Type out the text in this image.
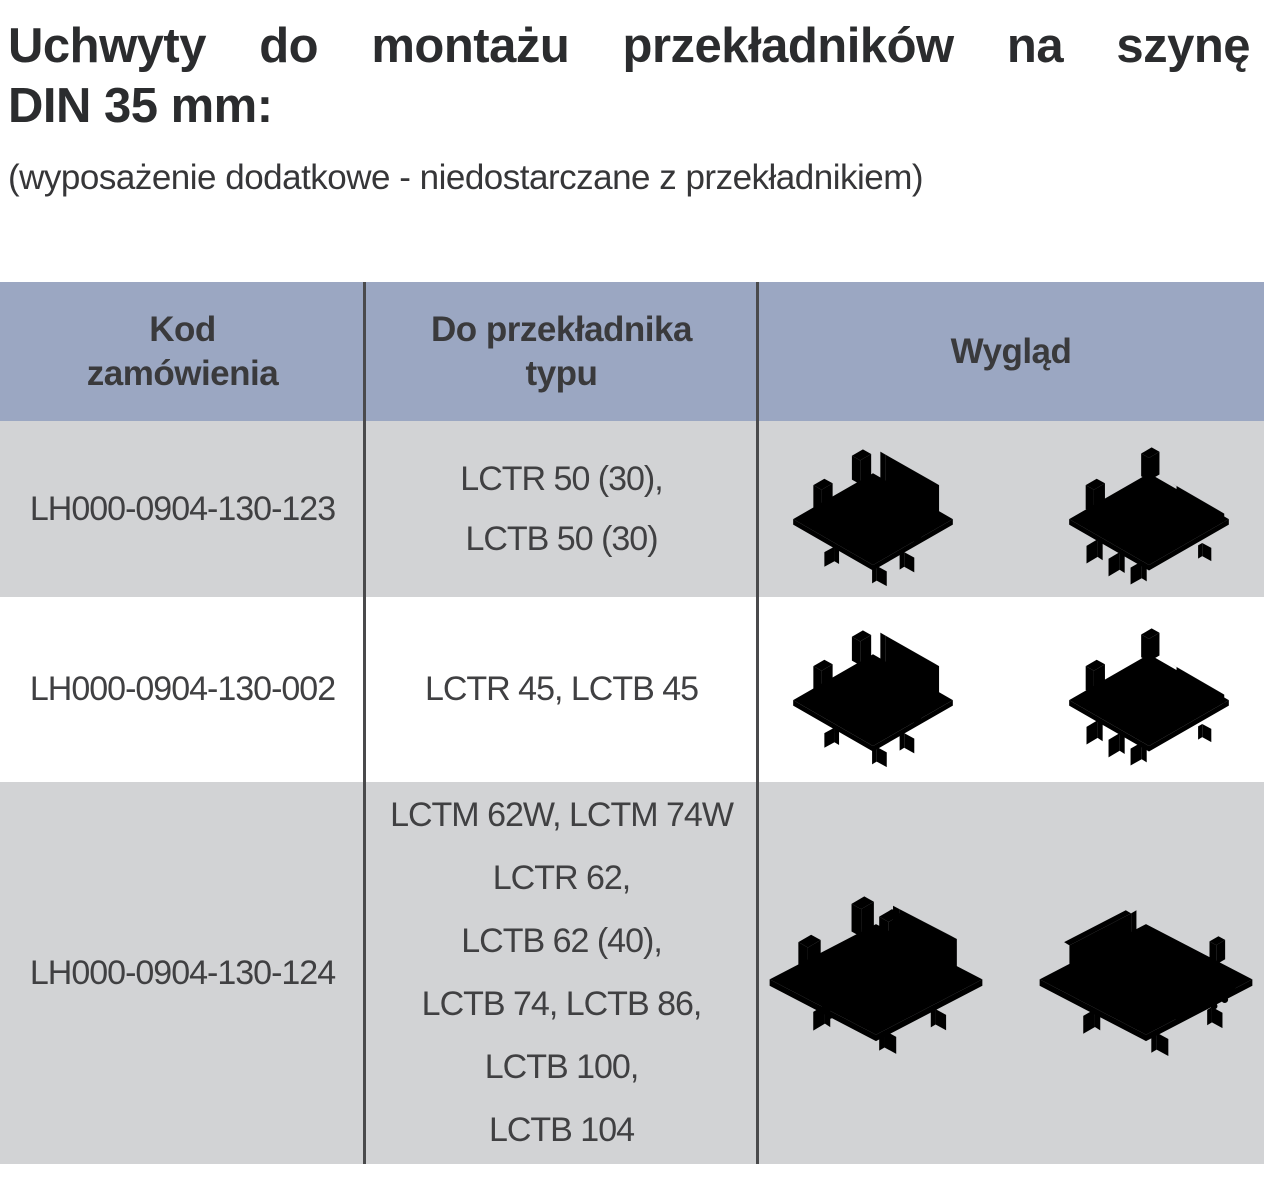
Uchwyty do montażu przekładników na szynę
DIN 35 mm:

(wyposażenie dodatkowe - niedostarczane z przekładnikiem)

Kod
zamówienia
Do przekładnika
typu
Wygląd
LH000-0904-130-123
LCTR 50 (30),
LCTB 50 (30)
LH000-0904-130-002	LCTR 45, LCTB 45
LH000-0904-130-124
LCTM 62W, LCTM 74W
LCTR 62,
LCTB 62 (40),
LCTB 74, LCTB 86,
LCTB 100,
LCTB 104
